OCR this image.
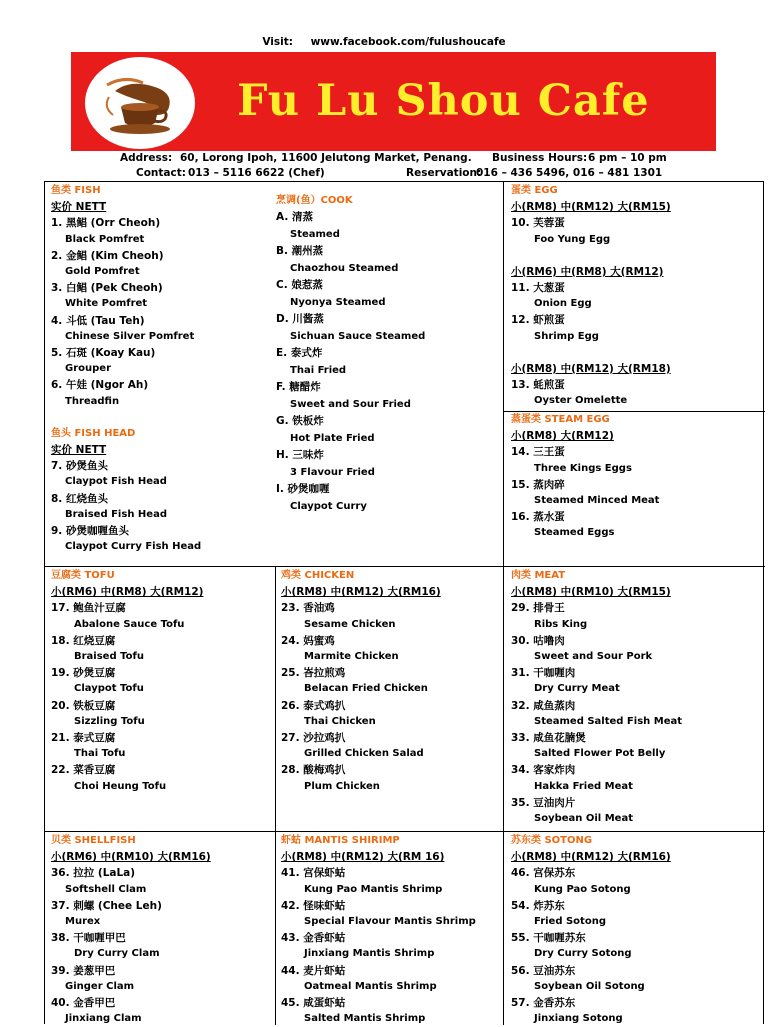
Visit: www.facebook.com/fulushoucafe
Fu Lu Shou Cafe
Address: 60, Lorong Ipoh, 11600 Jelutong Market, Penang. Business Hours: 6 pm – 10 pm
Contact: 013 – 5116 6622 (Chef)	Reservation:
016 – 436 5496, 016 – 481 1301
鱼类 FISH
实价 NETT
1. 黑鲳 (Orr Cheoh)
Black Pomfret
2. 金鲳 (Kim Cheoh)
Gold Pomfret
3. 白鲳 (Pek Cheoh)
White Pomfret
4. 斗低 (Tau Teh)
Chinese Silver Pomfret
5. 石斑 (Koay Kau)
Grouper
6. 午娃 (Ngor Ah)
Threadfin
鱼头 FISH HEAD
实价 NETT
7. 砂煲鱼头
Claypot Fish Head
8. 红烧鱼头
Braised Fish Head
9. 砂煲咖喱鱼头
Claypot Curry Fish Head
烹调(鱼）COOK
A. 清蒸
Steamed
B. 潮州蒸
Chaozhou Steamed
C. 娘惹蒸
Nyonya Steamed
D. 川酱蒸
Sichuan Sauce Steamed
E. 泰式炸
Thai Fried
F. 糖醋炸
Sweet and Sour Fried
G. 铁板炸
Hot Plate Fried
H. 三味炸
3 Flavour Fried
I. 砂煲咖喱
Claypot Curry
蛋类 EGG
小(RM8) 中(RM12) 大(RM15)
10. 芙蓉蛋
Foo Yung Egg
小(RM6) 中(RM8) 大(RM12)
11. 大葱蛋
Onion Egg
12. 虾煎蛋
Shrimp Egg
小(RM8) 中(RM12) 大(RM18)
13. 蚝煎蛋
Oyster Omelette
蒸蛋类 STEAM EGG
小(RM8) 大(RM12)
14. 三王蛋
Three Kings Eggs
15. 蒸肉碎
Steamed Minced Meat
16. 蒸水蛋
Steamed Eggs
豆腐类 TOFU
小(RM6) 中(RM8) 大(RM12)
17. 鲍鱼汁豆腐
Abalone Sauce Tofu
18. 红烧豆腐
Braised Tofu
19. 砂煲豆腐
Claypot Tofu
20. 铁板豆腐
Sizzling Tofu
21. 泰式豆腐
Thai Tofu
22. 菜香豆腐
Choi Heung Tofu
鸡类 CHICKEN
小(RM8) 中(RM12) 大(RM16)
23. 香油鸡
Sesame Chicken
24. 妈蜜鸡
Marmite Chicken
25. 峇拉煎鸡
Belacan Fried Chicken
26. 泰式鸡扒
Thai Chicken
27. 沙拉鸡扒
Grilled Chicken Salad
28. 酸梅鸡扒
Plum Chicken
肉类 MEAT
小(RM8) 中(RM10) 大(RM15)
29. 排骨王
Ribs King
30. 咕噜肉
Sweet and Sour Pork
31. 干咖喱肉
Dry Curry Meat
32. 咸鱼蒸肉
Steamed Salted Fish Meat
33. 咸鱼花腩煲
Salted Flower Pot Belly
34. 客家炸肉
Hakka Fried Meat
35. 豆油肉片
Soybean Oil Meat
贝类 SHELLFISH
小(RM6) 中(RM10) 大(RM16)
36. 拉拉 (LaLa)
Softshell Clam
37. 刺螺 (Chee Leh)
Murex
38. 干咖喱甲巴
Dry Curry Clam
39. 姜葱甲巴
Ginger Clam
40. 金香甲巴
Jinxiang Clam
虾蛄 MANTIS SHIRIMP
小(RM8) 中(RM12) 大(RM 16)
41. 宫保虾蛄
Kung Pao Mantis Shrimp
42. 怪味虾蛄
Special Flavour Mantis Shrimp
43. 金香虾蛄
Jinxiang Mantis Shrimp
44. 麦片虾蛄
Oatmeal Mantis Shrimp
45. 咸蛋虾蛄
Salted Mantis Shrimp
苏东类 SOTONG
小(RM8) 中(RM12) 大(RM16)
46. 宫保苏东
Kung Pao Sotong
54. 炸苏东
Fried Sotong
55. 干咖喱苏东
Dry Curry Sotong
56. 豆油苏东
Soybean Oil Sotong
57. 金香苏东
Jinxiang Sotong
